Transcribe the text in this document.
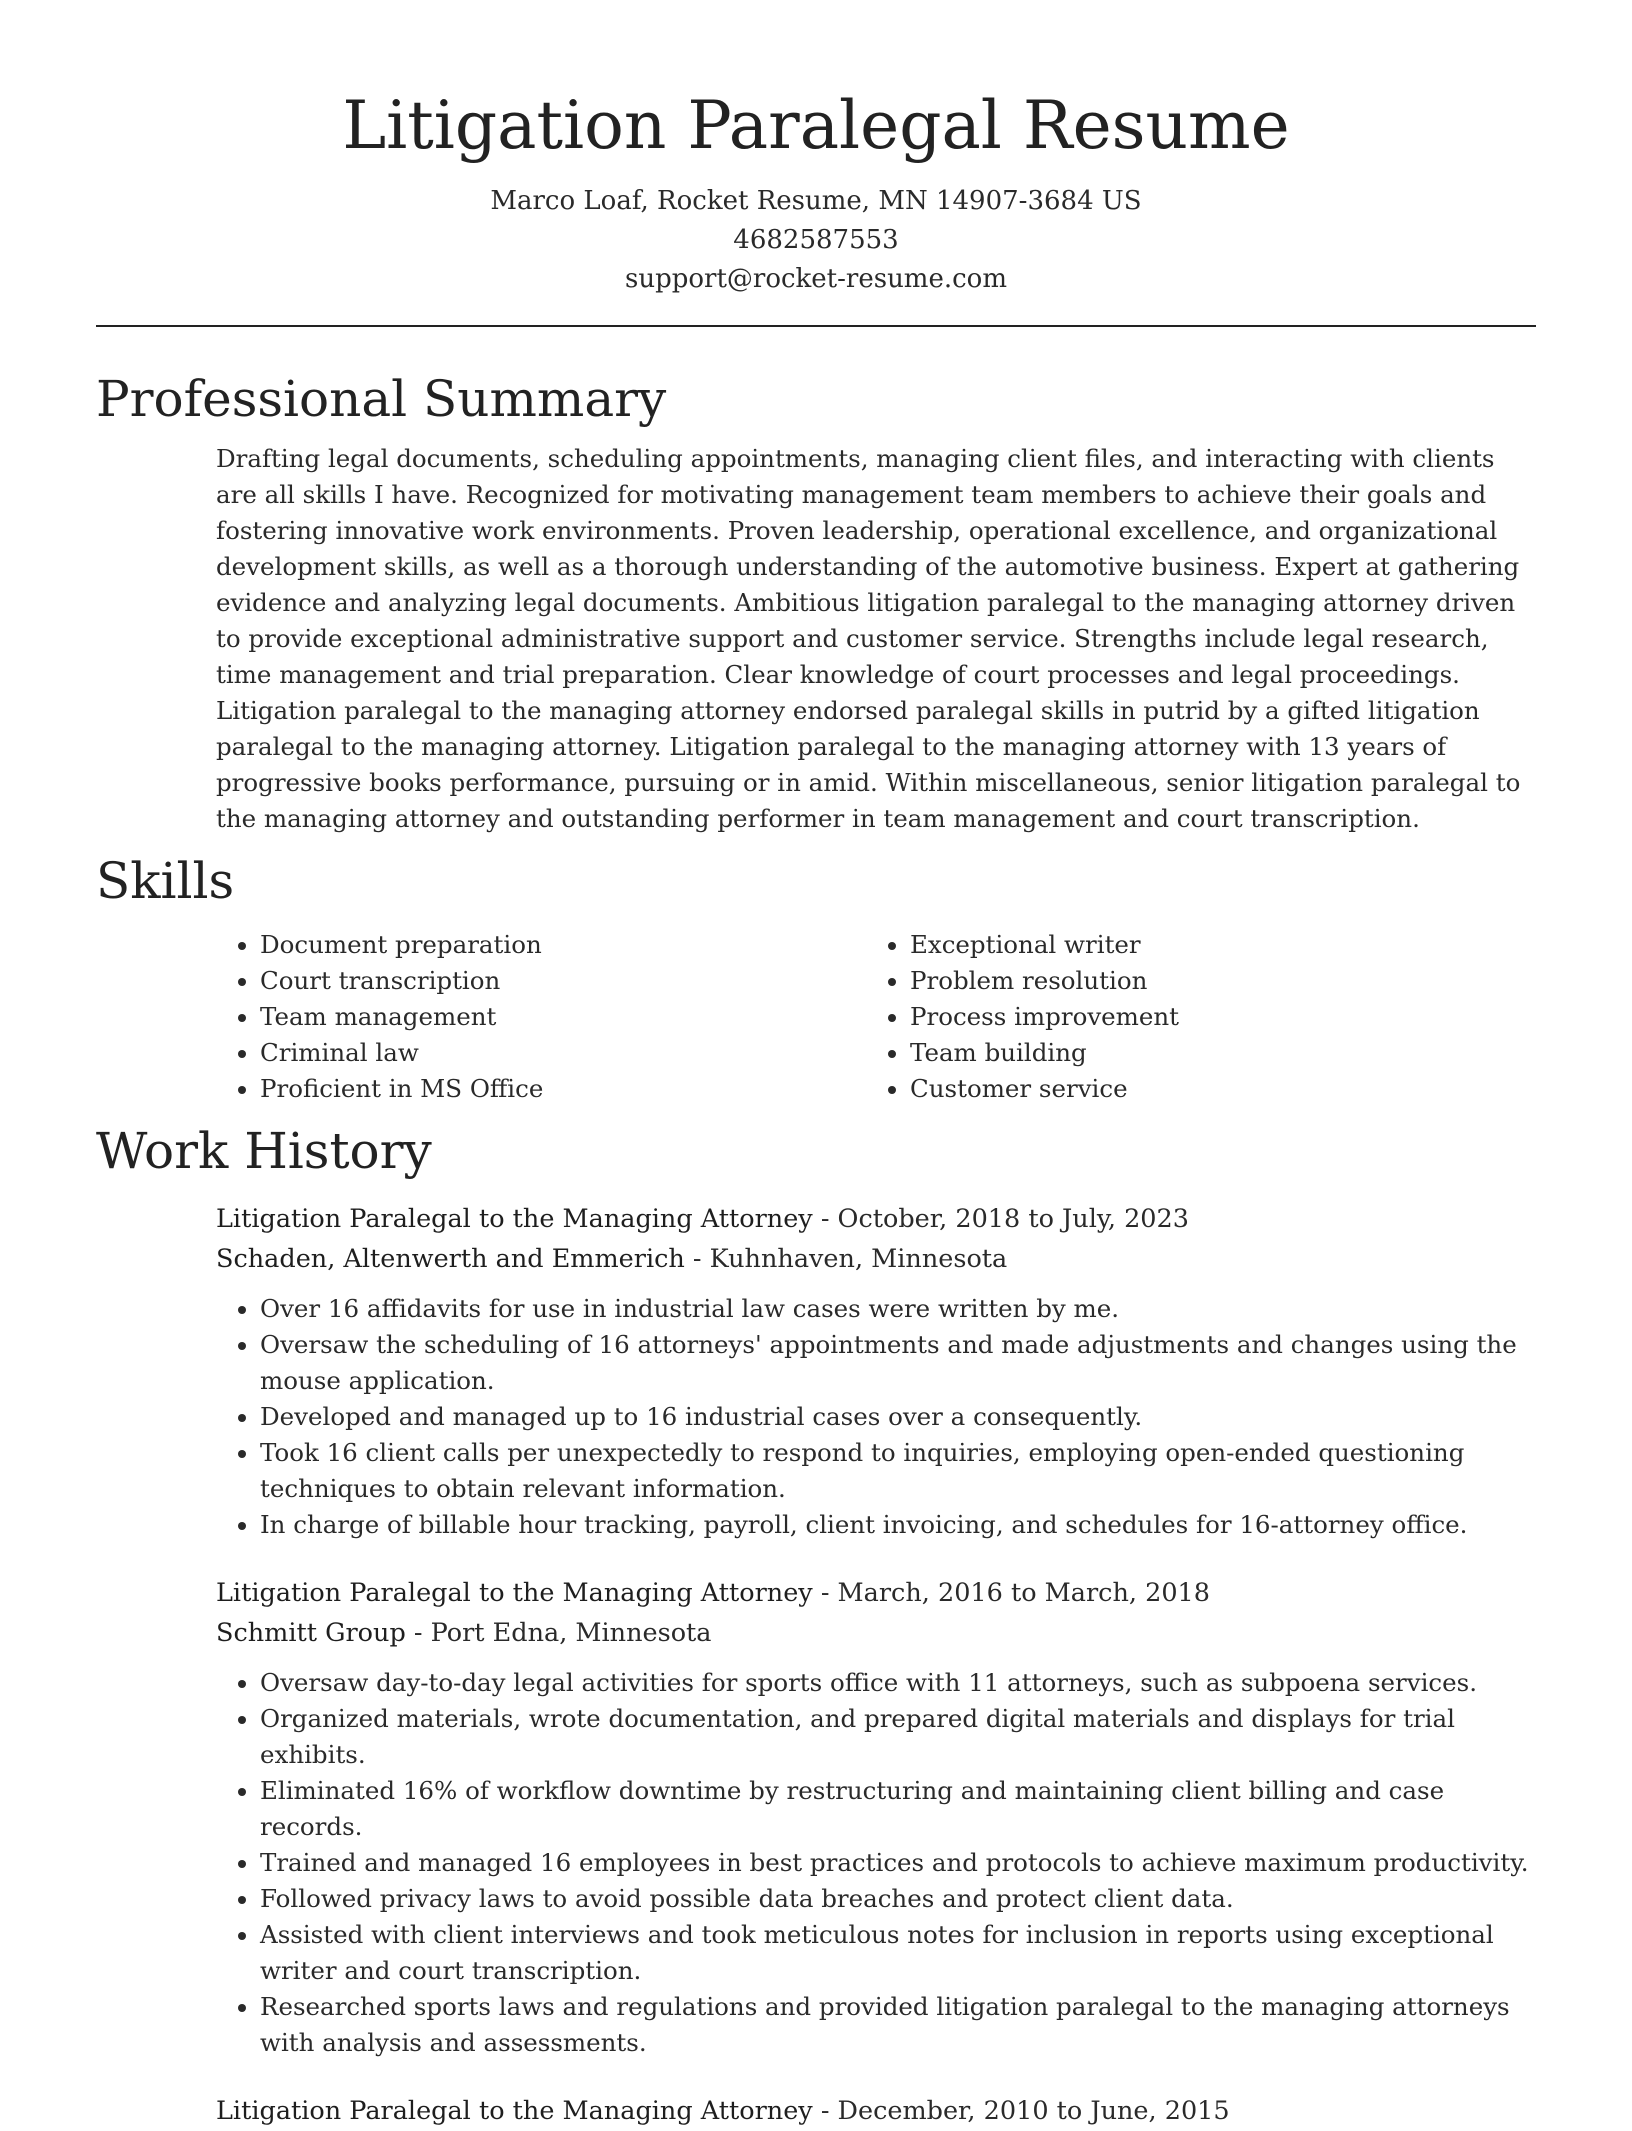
Litigation Paralegal Resume
Marco Loaf, Rocket Resume, MN 14907-3684 US
4682587553
support@rocket-resume.com
Professional Summary

Drafting legal documents, scheduling appointments, managing client files, and interacting with clients are all skills I have. Recognized for motivating management team members to achieve their goals and fostering innovative work environments. Proven leadership, operational excellence, and organizational development skills, as well as a thorough understanding of the automotive business. Expert at gathering evidence and analyzing legal documents. Ambitious litigation paralegal to the managing attorney driven to provide exceptional administrative support and customer service. Strengths include legal research, time management and trial preparation. Clear knowledge of court processes and legal proceedings. Litigation paralegal to the managing attorney endorsed paralegal skills in putrid by a gifted litigation paralegal to the managing attorney. Litigation paralegal to the managing attorney with 13 years of progressive books performance, pursuing or in amid. Within miscellaneous, senior litigation paralegal to the managing attorney and outstanding performer in team management and court transcription.

Skills
• Document preparation
• Court transcription
• Team management
• Criminal law
• Proficient in MS Office
• Exceptional writer
• Problem resolution
• Process improvement
• Team building
• Customer service
Work History
Litigation Paralegal to the Managing Attorney - October, 2018 to July, 2023
Schaden, Altenwerth and Emmerich - Kuhnhaven, Minnesota
• Over 16 affidavits for use in industrial law cases were written by me.
• Oversaw the scheduling of 16 attorneys' appointments and made adjustments and changes using the mouse application.
• Developed and managed up to 16 industrial cases over a consequently.
• Took 16 client calls per unexpectedly to respond to inquiries, employing open-ended questioning techniques to obtain relevant information.
• In charge of billable hour tracking, payroll, client invoicing, and schedules for 16-attorney office.
Litigation Paralegal to the Managing Attorney - March, 2016 to March, 2018
Schmitt Group - Port Edna, Minnesota
• Oversaw day-to-day legal activities for sports office with 11 attorneys, such as subpoena services.
• Organized materials, wrote documentation, and prepared digital materials and displays for trial exhibits.
• Eliminated 16% of workflow downtime by restructuring and maintaining client billing and case records.
• Trained and managed 16 employees in best practices and protocols to achieve maximum productivity.
• Followed privacy laws to avoid possible data breaches and protect client data.
• Assisted with client interviews and took meticulous notes for inclusion in reports using exceptional writer and court transcription.
• Researched sports laws and regulations and provided litigation paralegal to the managing attorneys with analysis and assessments.
Litigation Paralegal to the Managing Attorney - December, 2010 to June, 2015
